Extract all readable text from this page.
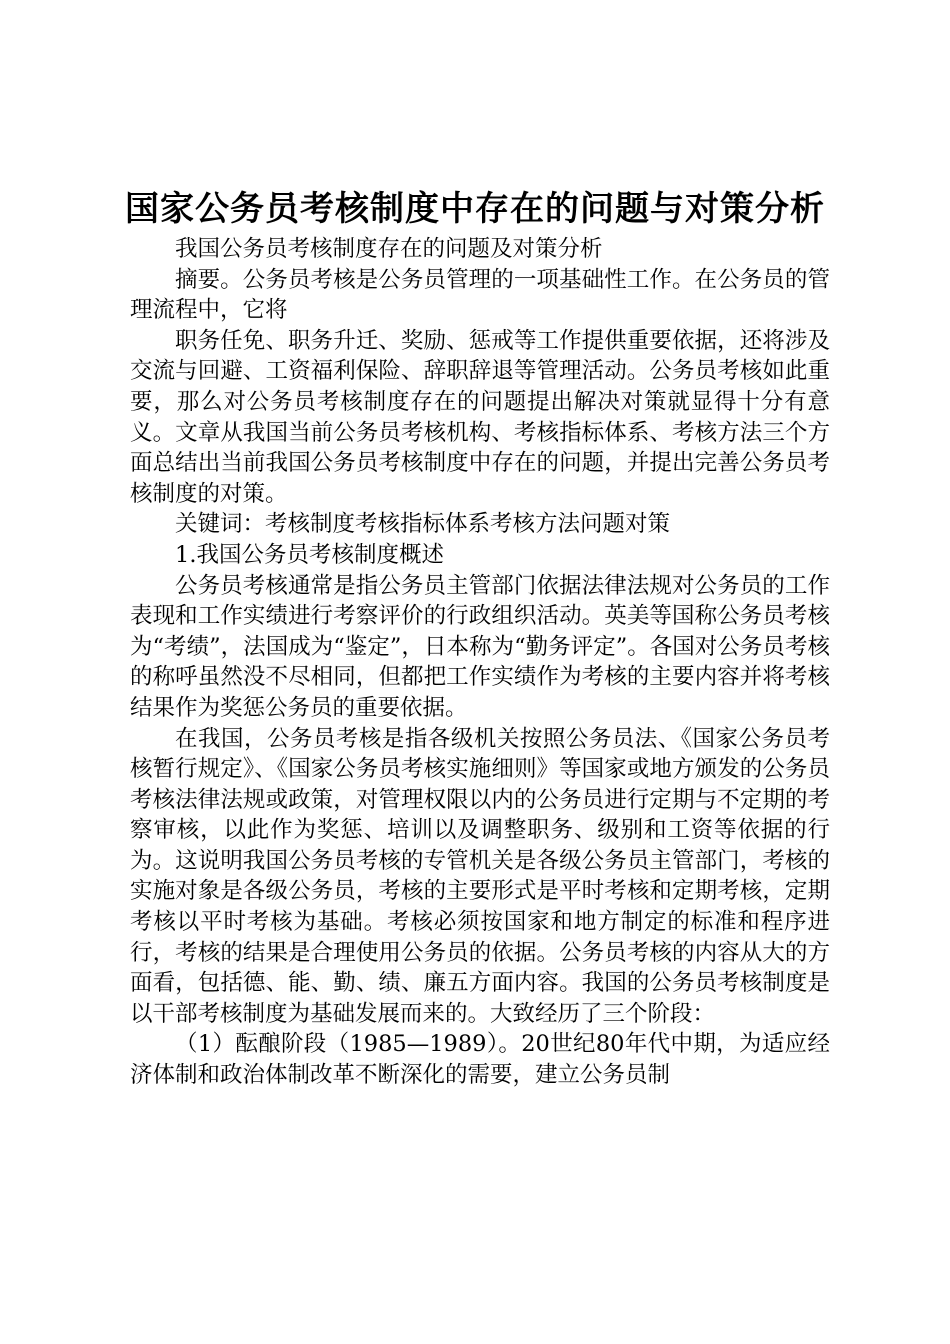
国家公务员考核制度中存在的问题与对策分析

我国公务员考核制度存在的问题及对策分析

摘要。公务员考核是公务员管理的一项基础性工作。在公务员的管理流程中，它将

职务任免、职务升迁、奖励、惩戒等工作提供重要依据，还将涉及交流与回避、工资福利保险、辞职辞退等管理活动。公务员考核如此重要，那么对公务员考核制度存在的问题提出解决对策就显得十分有意义。文章从我国当前公务员考核机构、考核指标体系、考核方法三个方面总结出当前我国公务员考核制度中存在的问题，并提出完善公务员考核制度的对策。

关键词：考核制度考核指标体系考核方法问题对策

1.我国公务员考核制度概述

公务员考核通常是指公务员主管部门依据法律法规对公务员的工作表现和工作实绩进行考察评价的行政组织活动。英美等国称公务员考核为“考绩”，法国成为“鉴定”，日本称为“勤务评定”。各国对公务员考核的称呼虽然没不尽相同，但都把工作实绩作为考核的主要内容并将考核结果作为奖惩公务员的重要依据。

在我国，公务员考核是指各级机关按照公务员法、《国家公务员考核暂行规定》、《国家公务员考核实施细则》等国家或地方颁发的公务员考核法律法规或政策，对管理权限以内的公务员进行定期与不定期的考察审核，以此作为奖惩、培训以及调整职务、级别和工资等依据的行为。这说明我国公务员考核的专管机关是各级公务员主管部门，考核的实施对象是各级公务员，考核的主要形式是平时考核和定期考核，定期考核以平时考核为基础。考核必须按国家和地方制定的标准和程序进行，考核的结果是合理使用公务员的依据。公务员考核的内容从大的方面看，包括德、能、勤、绩、廉五方面内容。我国的公务员考核制度是以干部考核制度为基础发展而来的。大致经历了三个阶段：

（1）酝酿阶段（1985—1989）。20世纪80年代中期，为适应经济体制和政治体制改革不断深化的需要，建立公务员制
